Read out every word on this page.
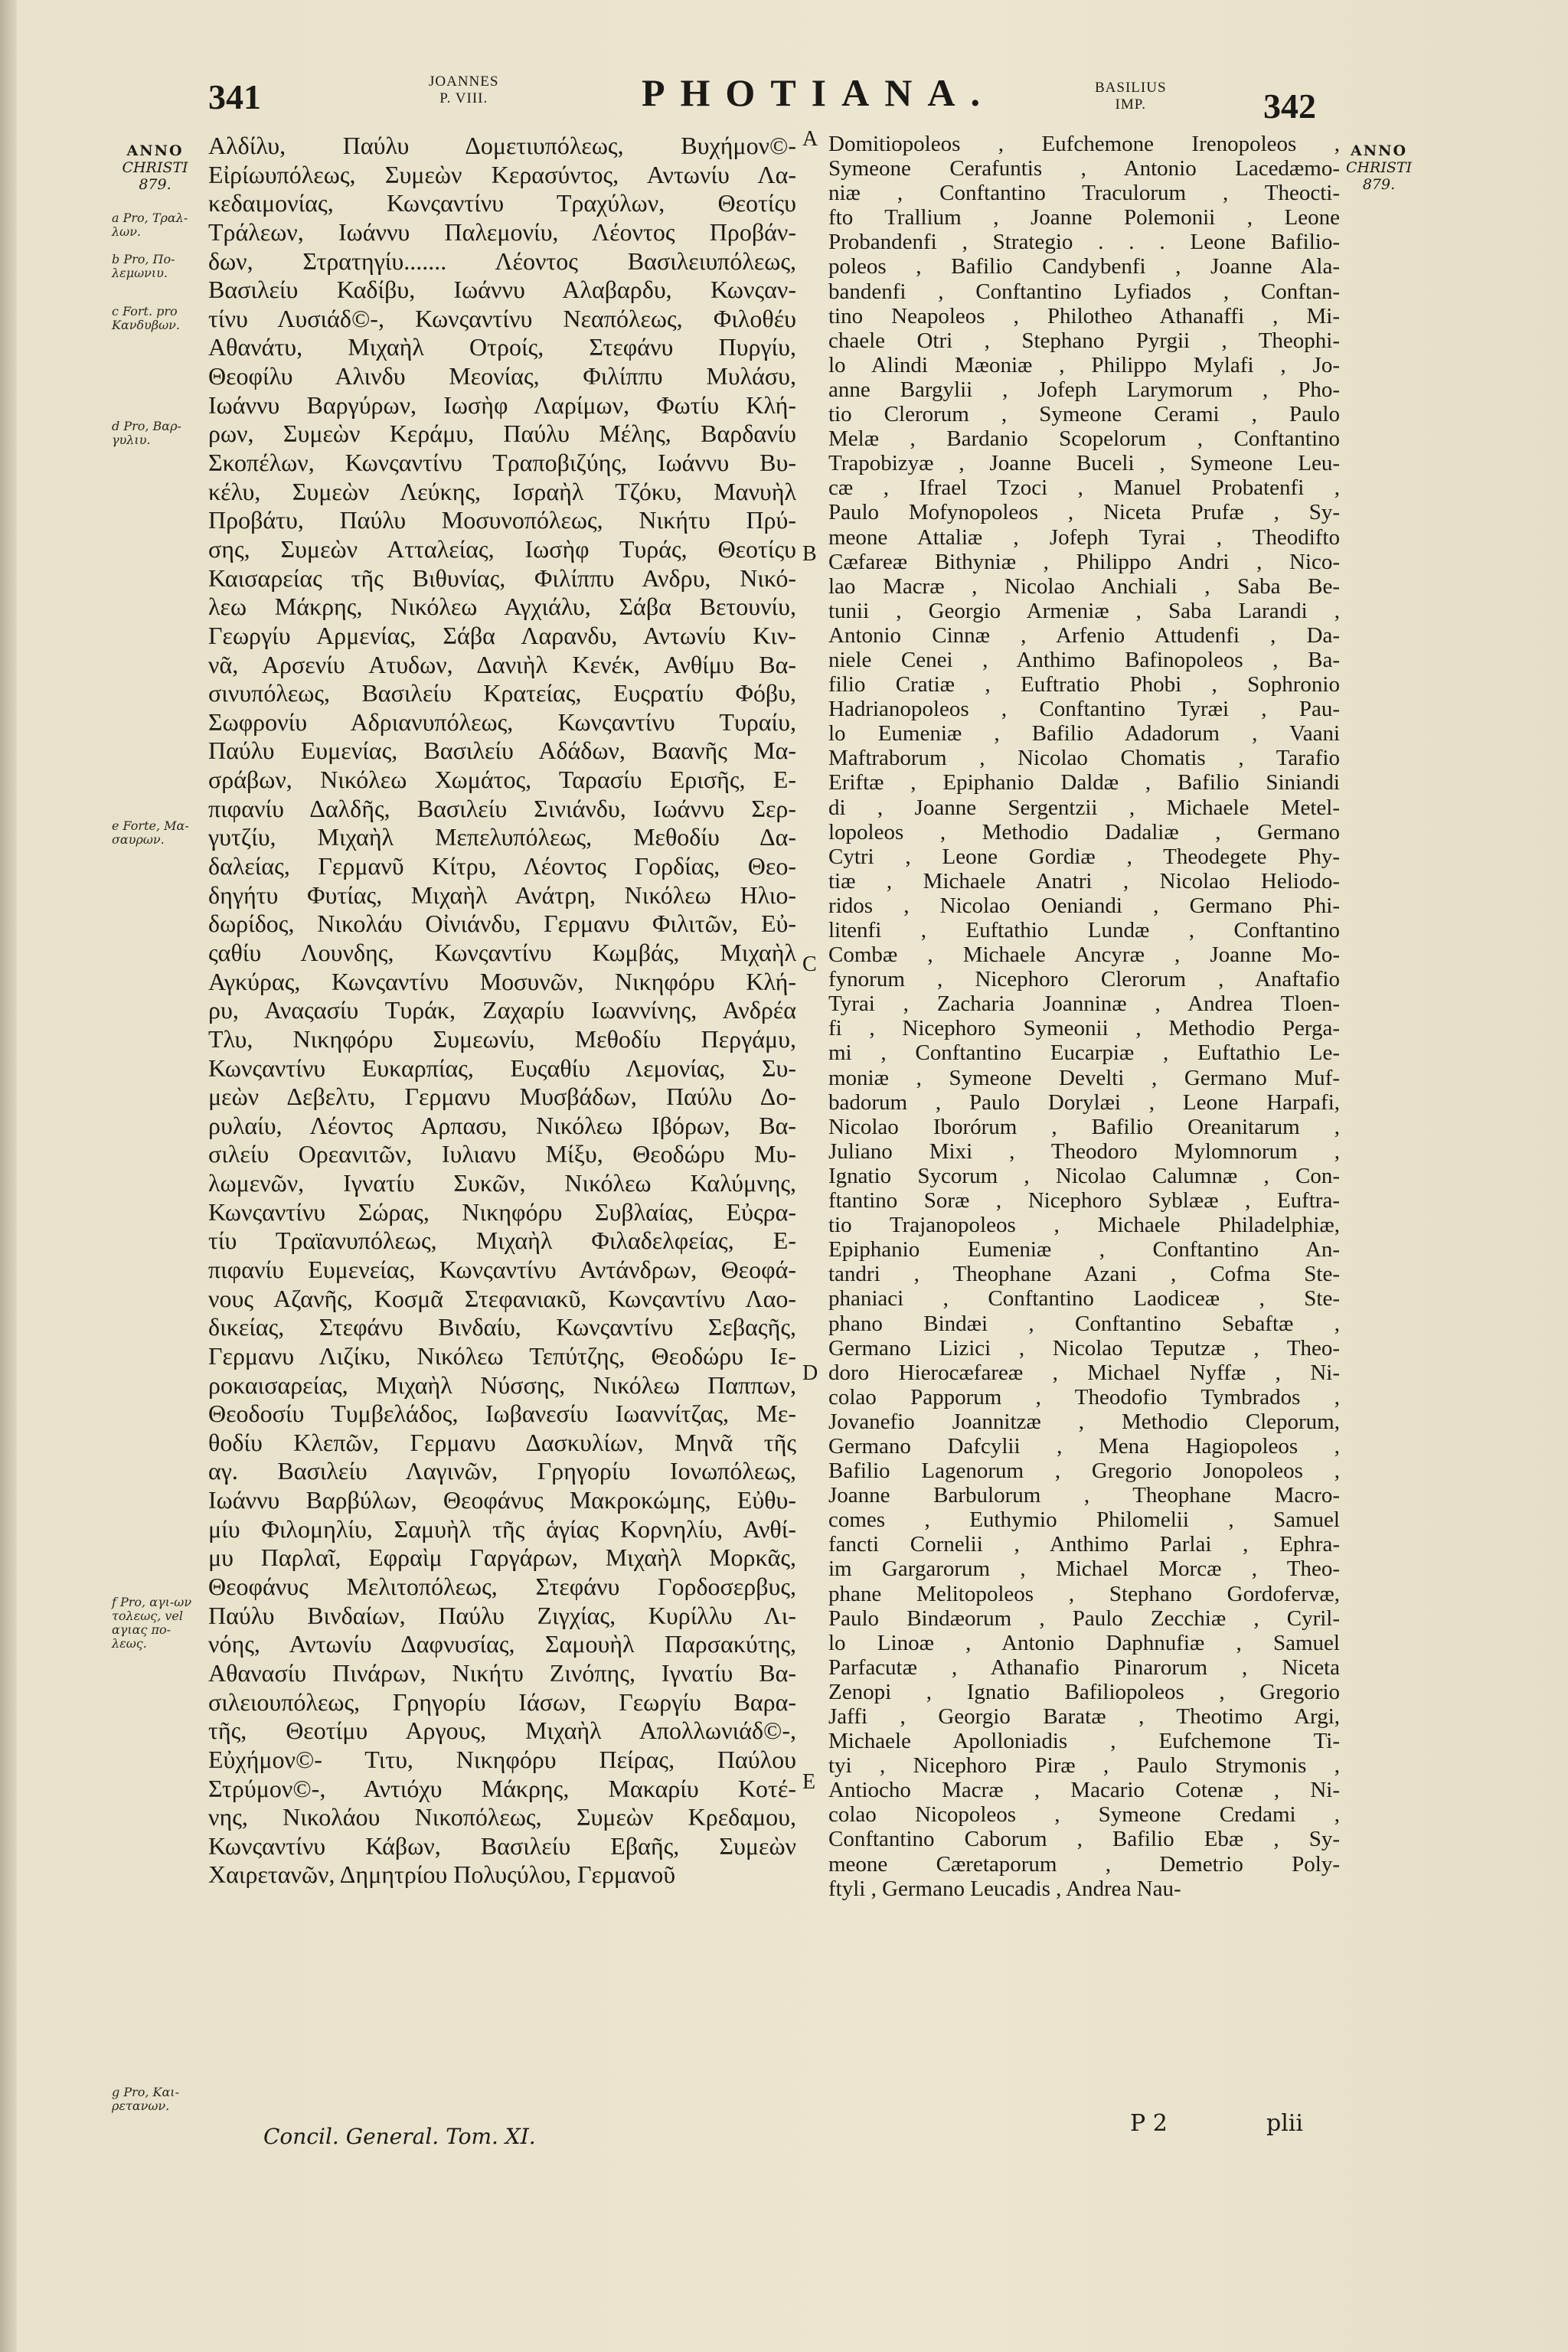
341	JOANNES
P. VIII.	PHOTIANA.	BASILIUS
IMP.	342
ANNO
CHRISTI
879.
ANNO
CHRISTI
879.
a Pro, Τραλ-λων.
b Pro, Πο-λεμωνιυ.
c Fort. pro Κανδυβων.
d Pro, Βαρ-γυλιυ.
e Forte, Μα-σαυρων.
f Pro, αγι-ων τολεως, vel αγιας πο-λεως.
g Pro, Και-ρετανων.
A
B
C
D
E
Αλδίλυ, Παύλυ Δομετιυπόλεως, Βυχήμον©-
Εἰρίωυπόλεως, Συμεὼν Κερασύντος, Αντωνίυ Λα-
κεδαιμονίας, Κωνςαντίνυ Τραχύλων, Θεοτίςυ
Τράλεων, Ιωάννυ Παλεμονίυ, Λέοντος Προβάν-
δων, Στρατηγίυ....... Λέοντος Βασιλειυπόλεως,
Βασιλείυ Καδίβυ, Ιωάννυ Αλαβαρδυ, Κωνςαν-
τίνυ Λυσιάδ©-, Κωνςαντίνυ Νεαπόλεως, Φιλοθέυ
Αθανάτυ, Μιχαὴλ Οτροίς, Στεφάνυ Πυργίυ,
Θεοφίλυ Αλινδυ Μεονίας, Φιλίππυ Μυλάσυ,
Ιωάννυ Βαργύρων, Ιωσὴφ Λαρίμων, Φωτίυ Κλή-
ρων, Συμεὼν Κεράμυ, Παύλυ Μέλης, Βαρδανίυ
Σκοπέλων, Κωνςαντίνυ Τραποβιζύης, Ιωάννυ Βυ-
κέλυ, Συμεὼν Λεύκης, Ισραὴλ Τζόκυ, Μανυὴλ
Προβάτυ, Παύλυ Μοσυνοπόλεως, Νικήτυ Πρύ-
σης, Συμεὼν Ατταλείας, Ιωσὴφ Τυράς, Θεοτίςυ
Καισαρείας τῆς Βιθυνίας, Φιλίππυ Ανδρυ, Νικό-
λεω Μάκρης, Νικόλεω Αγχιάλυ, Σάβα Βετουνίυ,
Γεωργίυ Αρμενίας, Σάβα Λαρανδυ, Αντωνίυ Κιν-
νᾶ, Αρσενίυ Ατυδων, Δανιὴλ Κενέκ, Ανθίμυ Βα-
σινυπόλεως, Βασιλείυ Κρατείας, Ευςρατίυ Φόβυ,
Σωφρονίυ Αδριανυπόλεως, Κωνςαντίνυ Τυραίυ,
Παύλυ Ευμενίας, Βασιλείυ Αδάδων, Βαανῆς Μα-
σράβων, Νικόλεω Χωμάτος, Ταρασίυ Ερισῆς, Ε-
πιφανίυ Δαλδῆς, Βασιλείυ Σινιάνδυ, Ιωάννυ Σερ-
γυτζίυ, Μιχαὴλ Μεπελυπόλεως, Μεθοδίυ Δα-
δαλείας, Γερμανῦ Κίτρυ, Λέοντος Γορδίας, Θεο-
δηγήτυ Φυτίας, Μιχαὴλ Ανάτρη, Νικόλεω Ηλιο-
δωρίδος, Νικολάυ Οἰνιάνδυ, Γερμανυ Φιλιτῶν, Εὐ-
ςαθίυ Λουνδης, Κωνςαντίνυ Κωμβάς, Μιχαὴλ
Αγκύρας, Κωνςαντίνυ Μοσυνῶν, Νικηφόρυ Κλή-
ρυ, Αναςασίυ Τυράκ, Ζαχαρίυ Ιωαννίνης, Ανδρέα
Τλυ, Νικηφόρυ Συμεωνίυ, Μεθοδίυ Περγάμυ,
Κωνςαντίνυ Ευκαρπίας, Ευςαθίυ Λεμονίας, Συ-
μεὼν Δεβελτυ, Γερμανυ Μυσβάδων, Παύλυ Δο-
ρυλαίυ, Λέοντος Αρπασυ, Νικόλεω Ιβόρων, Βα-
σιλείυ Ορεανιτῶν, Ιυλιανυ Μίξυ, Θεοδώρυ Μυ-
λωμενῶν, Ιγνατίυ Συκῶν, Νικόλεω Καλύμνης,
Κωνςαντίνυ Σώρας, Νικηφόρυ Συβλαίας, Εὐςρα-
τίυ Τραϊανυπόλεως, Μιχαὴλ Φιλαδελφείας, Ε-
πιφανίυ Ευμενείας, Κωνςαντίνυ Αντάνδρων, Θεοφά-
νους Αζανῆς, Κοσμᾶ Στεφανιακῦ, Κωνςαντίνυ Λαο-
δικείας, Στεφάνυ Βινδαίυ, Κωνςαντίνυ Σεβαςῆς,
Γερμανυ Λιζίκυ, Νικόλεω Τεπύτζης, Θεοδώρυ Ιε-
ροκαισαρείας, Μιχαὴλ Νύσσης, Νικόλεω Παππων,
Θεοδοσίυ Τυμβελάδος, Ιωβανεσίυ Ιωαννίτζας, Με-
θοδίυ Κλεπῶν, Γερμανυ Δασκυλίων, Μηνᾶ τῆς
αγ. Βασιλείυ Λαγινῶν, Γρηγορίυ Ιονωπόλεως,
Ιωάννυ Βαρβύλων, Θεοφάνυς Μακροκώμης, Εὐθυ-
μίυ Φιλομηλίυ, Σαμυὴλ τῆς ἁγίας Κορνηλίυ, Ανθί-
μυ Παρλαῖ, Εφραὶμ Γαργάρων, Μιχαὴλ Μορκᾶς,
Θεοφάνυς Μελιτοπόλεως, Στεφάνυ Γορδοσερβυς,
Παύλυ Βινδαίων, Παύλυ Ζιγχίας, Κυρίλλυ Λι-
νόης, Αντωνίυ Δαφνυσίας, Σαμουὴλ Παρσακύτης,
Αθανασίυ Πινάρων, Νικήτυ Ζινόπης, Ιγνατίυ Βα-
σιλειουπόλεως, Γρηγορίυ Ιάσων, Γεωργίυ Βαρα-
τῆς, Θεοτίμυ Αργους, Μιχαὴλ Απολλωνιάδ©-,
Εὐχήμον©- Τιτυ, Νικηφόρυ Πείρας, Παύλου
Στρύμον©-, Αντιόχυ Μάκρης, Μακαρίυ Κοτέ-
νης, Νικολάου Νικοπόλεως, Συμεὼν Κρεδαμου,
Κωνςαντίνυ Κάβων, Βασιλείυ Εβαῆς, Συμεὼν
Χαιρετανῶν, Δημητρίου Πολυςύλου, Γερμανοῦ
Domitiopoleos , Eufchemone Irenopoleos ,
Symeone Cerafuntis , Antonio Lacedæmo-
niæ , Conftantino Traculorum , Theocti-
fto Trallium , Joanne Polemonii , Leone
Probandenfi , Strategio . . . Leone Bafilio-
poleos , Bafilio Candybenfi , Joanne Ala-
bandenfi , Conftantino Lyfiados , Conftan-
tino Neapoleos , Philotheo Athanaffi , Mi-
chaele Otri , Stephano Pyrgii , Theophi-
lo Alindi Mæoniæ , Philippo Mylafi , Jo-
anne Bargylii , Jofeph Larymorum , Pho-
tio Clerorum , Symeone Cerami , Paulo
Melæ , Bardanio Scopelorum , Conftantino
Trapobizyæ , Joanne Buceli , Symeone Leu-
cæ , Ifrael Tzoci , Manuel Probatenfi ,
Paulo Mofynopoleos , Niceta Prufæ , Sy-
meone Attaliæ , Jofeph Tyrai , Theodifto
Cæfareæ Bithyniæ , Philippo Andri , Nico-
lao Macræ , Nicolao Anchiali , Saba Be-
tunii , Georgio Armeniæ , Saba Larandi ,
Antonio Cinnæ , Arfenio Attudenfi , Da-
niele Cenei , Anthimo Bafinopoleos , Ba-
filio Cratiæ , Euftratio Phobi , Sophronio
Hadrianopoleos , Conftantino Tyræi , Pau-
lo Eumeniæ , Bafilio Adadorum , Vaani
Maftraborum , Nicolao Chomatis , Tarafio
Eriftæ , Epiphanio Daldæ , Bafilio Siniandi
di , Joanne Sergentzii , Michaele Metel-
lopoleos , Methodio Dadaliæ , Germano
Cytri , Leone Gordiæ , Theodegete Phy-
tiæ , Michaele Anatri , Nicolao Heliodo-
ridos , Nicolao Oeniandi , Germano Phi-
litenfi , Euftathio Lundæ , Conftantino
Combæ , Michaele Ancyræ , Joanne Mo-
fynorum , Nicephoro Clerorum , Anaftafio
Tyrai , Zacharia Joanninæ , Andrea Tloen-
fi , Nicephoro Symeonii , Methodio Perga-
mi , Conftantino Eucarpiæ , Euftathio Le-
moniæ , Symeone Develti , Germano Muf-
badorum , Paulo Dorylæi , Leone Harpafi,
Nicolao Iborórum , Bafilio Oreanitarum ,
Juliano Mixi , Theodoro Mylomnorum ,
Ignatio Sycorum , Nicolao Calumnæ , Con-
ftantino Soræ , Nicephoro Syblææ , Euftra-
tio Trajanopoleos , Michaele Philadelphiæ,
Epiphanio Eumeniæ , Conftantino An-
tandri , Theophane Azani , Cofma Ste-
phaniaci , Conftantino Laodiceæ , Ste-
phano Bindæi , Conftantino Sebaftæ ,
Germano Lizici , Nicolao Teputzæ , Theo-
doro Hierocæfareæ , Michael Nyffæ , Ni-
colao Papporum , Theodofio Tymbrados ,
Jovanefio Joannitzæ , Methodio Cleporum,
Germano Dafcylii , Mena Hagiopoleos ,
Bafilio Lagenorum , Gregorio Jonopoleos ,
Joanne Barbulorum , Theophane Macro-
comes , Euthymio Philomelii , Samuel
fancti Cornelii , Anthimo Parlai , Ephra-
im Gargarorum , Michael Morcæ , Theo-
phane Melitopoleos , Stephano Gordofervæ,
Paulo Bindæorum , Paulo Zecchiæ , Cyril-
lo Linoæ , Antonio Daphnufiæ , Samuel
Parfacutæ , Athanafio Pinarorum , Niceta
Zenopi , Ignatio Bafiliopoleos , Gregorio
Jaffi , Georgio Baratæ , Theotimo Argi,
Michaele Apolloniadis , Eufchemone Ti-
tyi , Nicephoro Piræ , Paulo Strymonis ,
Antiocho Macræ , Macario Cotenæ , Ni-
colao Nicopoleos , Symeone Credami ,
Conftantino Caborum , Bafilio Ebæ , Sy-
meone Cæretaporum , Demetrio Poly-
ftyli , Germano Leucadis , Andrea Nau-
Concil. General. Tom. XI.	P 2	plii
